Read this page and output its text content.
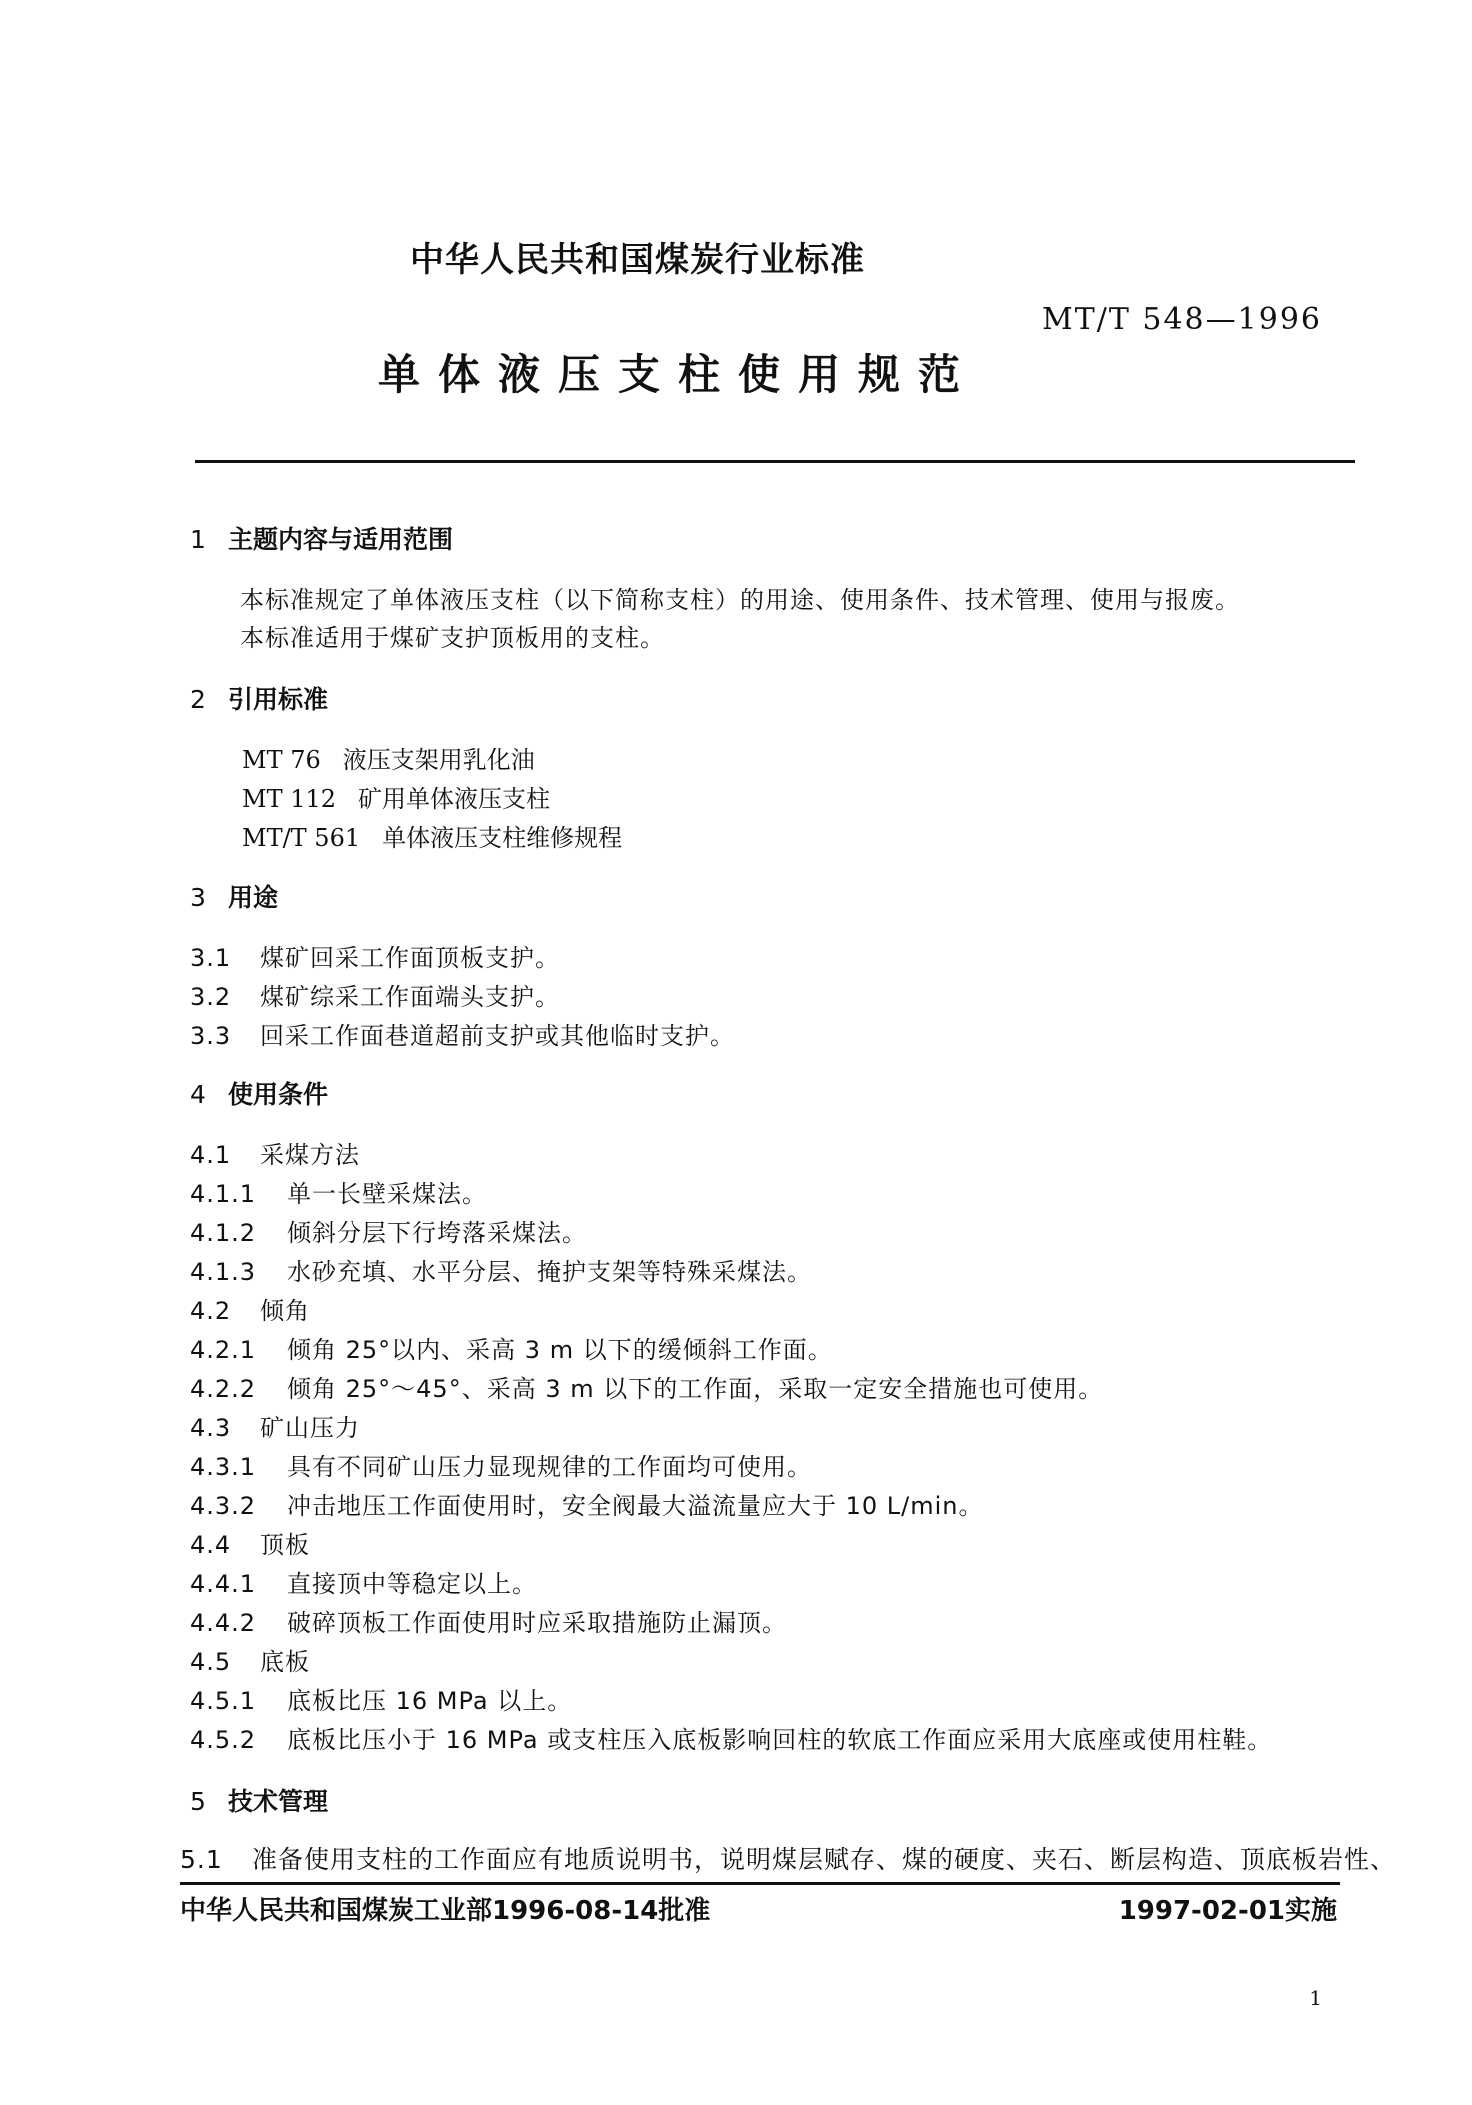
中华人民共和国煤炭行业标准
MT/T 548—1996
单体液压支柱使用规范
1 主题内容与适用范围
本标准规定了单体液压支柱（以下简称支柱）的用途、使用条件、技术管理、使用与报废。
本标准适用于煤矿支护顶板用的支柱。
2 引用标准
MT 76 液压支架用乳化油
MT 112 矿用单体液压支柱
MT/T 561 单体液压支柱维修规程
3 用途
3.1 煤矿回采工作面顶板支护。
3.2 煤矿综采工作面端头支护。
3.3 回采工作面巷道超前支护或其他临时支护。
4 使用条件
4.1 采煤方法
4.1.1 单一长壁采煤法。
4.1.2 倾斜分层下行垮落采煤法。
4.1.3 水砂充填、水平分层、掩护支架等特殊采煤法。
4.2 倾角
4.2.1 倾角 25°以内、采高 3 m 以下的缓倾斜工作面。
4.2.2 倾角 25°～45°、采高 3 m 以下的工作面，采取一定安全措施也可使用。
4.3 矿山压力
4.3.1 具有不同矿山压力显现规律的工作面均可使用。
4.3.2 冲击地压工作面使用时，安全阀最大溢流量应大于 10 L/min。
4.4 顶板
4.4.1 直接顶中等稳定以上。
4.4.2 破碎顶板工作面使用时应采取措施防止漏顶。
4.5 底板
4.5.1 底板比压 16 MPa 以上。
4.5.2 底板比压小于 16 MPa 或支柱压入底板影响回柱的软底工作面应采用大底座或使用柱鞋。
5 技术管理
5.1 准备使用支柱的工作面应有地质说明书，说明煤层赋存、煤的硬度、夹石、断层构造、顶底板岩性、
中华人民共和国煤炭工业部1996-08-14批准	1997-02-01实施
1
